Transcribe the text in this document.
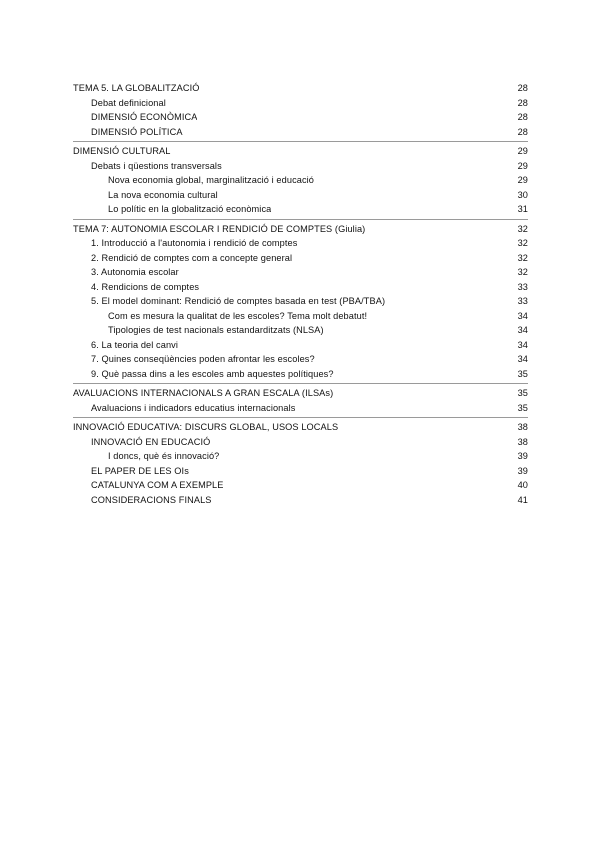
TEMA 5. LA GLOBALITZACIÓ	28
Debat definicional	28
DIMENSIÓ ECONÒMICA	28
DIMENSIÓ POLÍTICA	28
DIMENSIÓ CULTURAL	29
Debats i qüestions transversals	29
Nova economia global, marginalització i educació	29
La nova economia cultural	30
Lo polític en la globalització econòmica	31
TEMA 7: AUTONOMIA ESCOLAR I RENDICIÓ DE COMPTES (Giulia)	32
1. Introducció a l'autonomia i rendició de comptes	32
2. Rendició de comptes com a concepte general	32
3. Autonomia escolar	32
4. Rendicions de comptes	33
5. El model dominant: Rendició de comptes basada en test (PBA/TBA)	33
Com es mesura la qualitat de les escoles? Tema molt debatut!	34
Tipologies de test nacionals estandarditzats (NLSA)	34
6. La teoria del canvi	34
7. Quines conseqüències poden afrontar les escoles?	34
9. Què passa dins a les escoles amb aquestes polítiques?	35
AVALUACIONS INTERNACIONALS A GRAN ESCALA (ILSAs)	35
Avaluacions i indicadors educatius internacionals	35
INNOVACIÓ EDUCATIVA: DISCURS GLOBAL, USOS LOCALS	38
INNOVACIÓ EN EDUCACIÓ	38
I doncs, què és innovació?	39
EL PAPER DE LES OIs	39
CATALUNYA COM A EXEMPLE	40
CONSIDERACIONS FINALS	41
